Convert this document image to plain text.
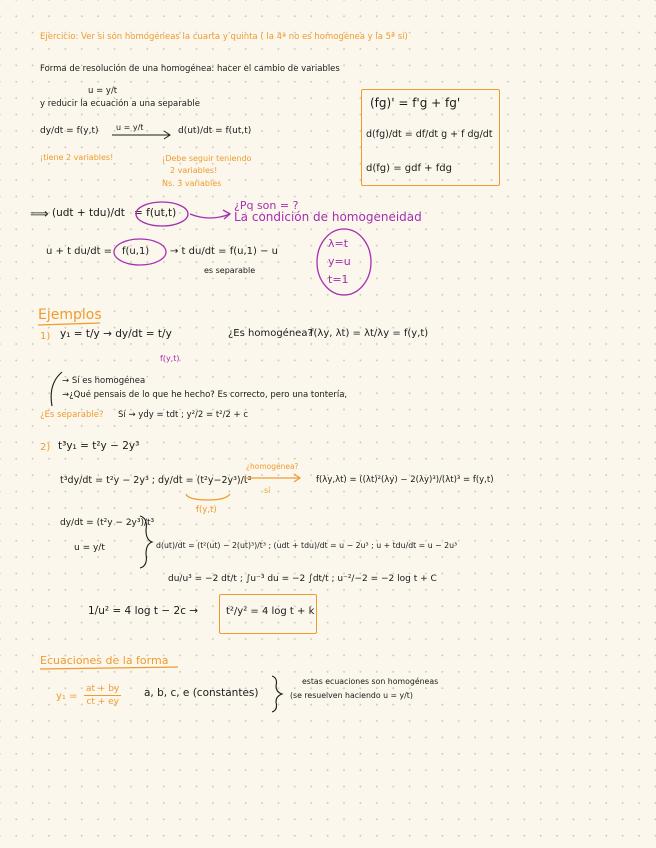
Ejercicio: Ver si son homogéneas la cuarta y quinta ( la 4ª no es homogénea y la 5ª sí)
Forma de resolución de una homogénea: hacer el cambio de variables
u = y/t
y reducir la ecuación a una separable
dy/dt = f(y,t) u = y/t	d(ut)/dt = f(ut,t)
¡tiene 2 variables!	¡Debe seguir teniendo
2 variables!
Ns. 3 variables
(fg)' = f'g + fg'
d(fg)/dt = df/dt g + f dg/dt
d(fg) = gdf + fdg
⟹ (udt + tdu)/dt = f(ut,t)
¿Pq son = ?
La condición de homogeneidad
u + t du/dt = f(u,1) → t du/dt = f(u,1) − u
es separable
λ=t
y=u
t=1
Ejemplos
1) y₁ = t/y → dy/dt = t/y
f(y,t)
¿Es homogénea?
f(λy, λt) = λt/λy = f(y,t)
→ Sí es homogénea
→¿Qué pensais de lo que he hecho? Es correcto, pero una tontería,
¿Es separable? Sí ⇝ ydy = tdt ; y²/2 = t²/2 + c
2) t³y₁ = t²y − 2y³
t³dy/dt = t²y − 2y³ ; dy/dt = (t²y−2y³)/t³
¿homogénea?
sí
f(λy,λt) = ((λt)²(λy) − 2(λy)³)/(λt)³ = f(y,t)
f(y,t)
dy/dt = (t²y − 2y³)/t³
u = y/t	d(ut)/dt = (t²(ut) − 2(ut)³)/t³ ; (udt + tdu)/dt = u − 2u³ ; u + tdu/dt = u − 2u³
du/u³ = −2 dt/t ; ∫u⁻³ du = −2 ∫dt/t ; u⁻²/−2 = −2 log t + C
1/u² = 4 log t − 2c →	t²/y² = 4 log t + k
Ecuaciones de la forma
$y_1 = \frac{at + by}{ct + ey} a$, b, c, e (constantes)
estas ecuaciones son homogéneas
(se resuelven haciendo u = y/t)
